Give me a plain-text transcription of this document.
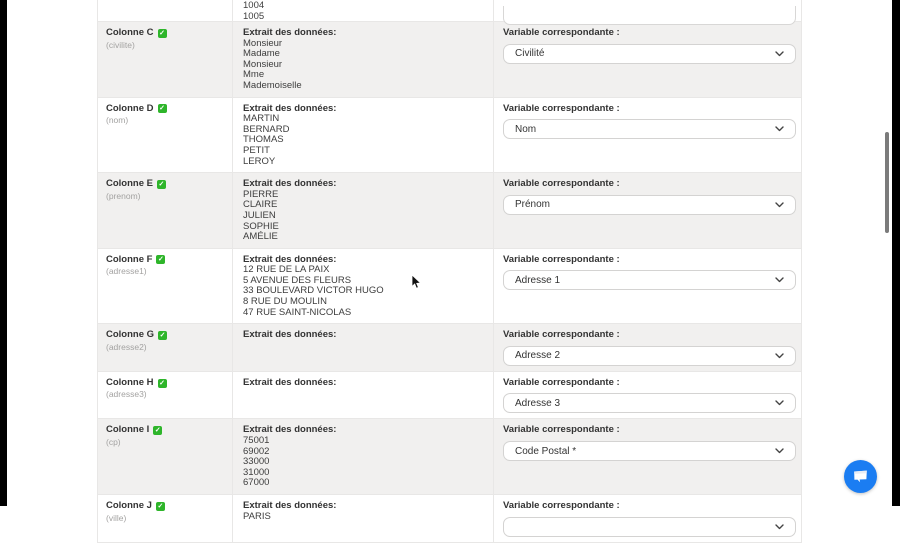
1004
1005
Colonne C ✓
(civilite)
Extrait des données:
Monsieur
Madame
Monsieur
Mme
Mademoiselle
Variable correspondante :
Civilité
Colonne D ✓
(nom)
Extrait des données:
MARTIN
BERNARD
THOMAS
PETIT
LEROY
Variable correspondante :
Nom
Colonne E ✓
(prenom)
Extrait des données:
PIERRE
CLAIRE
JULIEN
SOPHIE
AMÉLIE
Variable correspondante :
Prénom
Colonne F ✓
(adresse1)
Extrait des données:
12 RUE DE LA PAIX
5 AVENUE DES FLEURS
33 BOULEVARD VICTOR HUGO
8 RUE DU MOULIN
47 RUE SAINT-NICOLAS
Variable correspondante :
Adresse 1
Colonne G ✓
(adresse2)
Extrait des données:	Variable correspondante :
Adresse 2
Colonne H ✓
(adresse3)
Extrait des données:	Variable correspondante :
Adresse 3
Colonne I ✓
(cp)
Extrait des données:
75001
69002
33000
31000
67000
Variable correspondante :
Code Postal *
Colonne J ✓
(ville)
Extrait des données:
PARIS
Variable correspondante :
